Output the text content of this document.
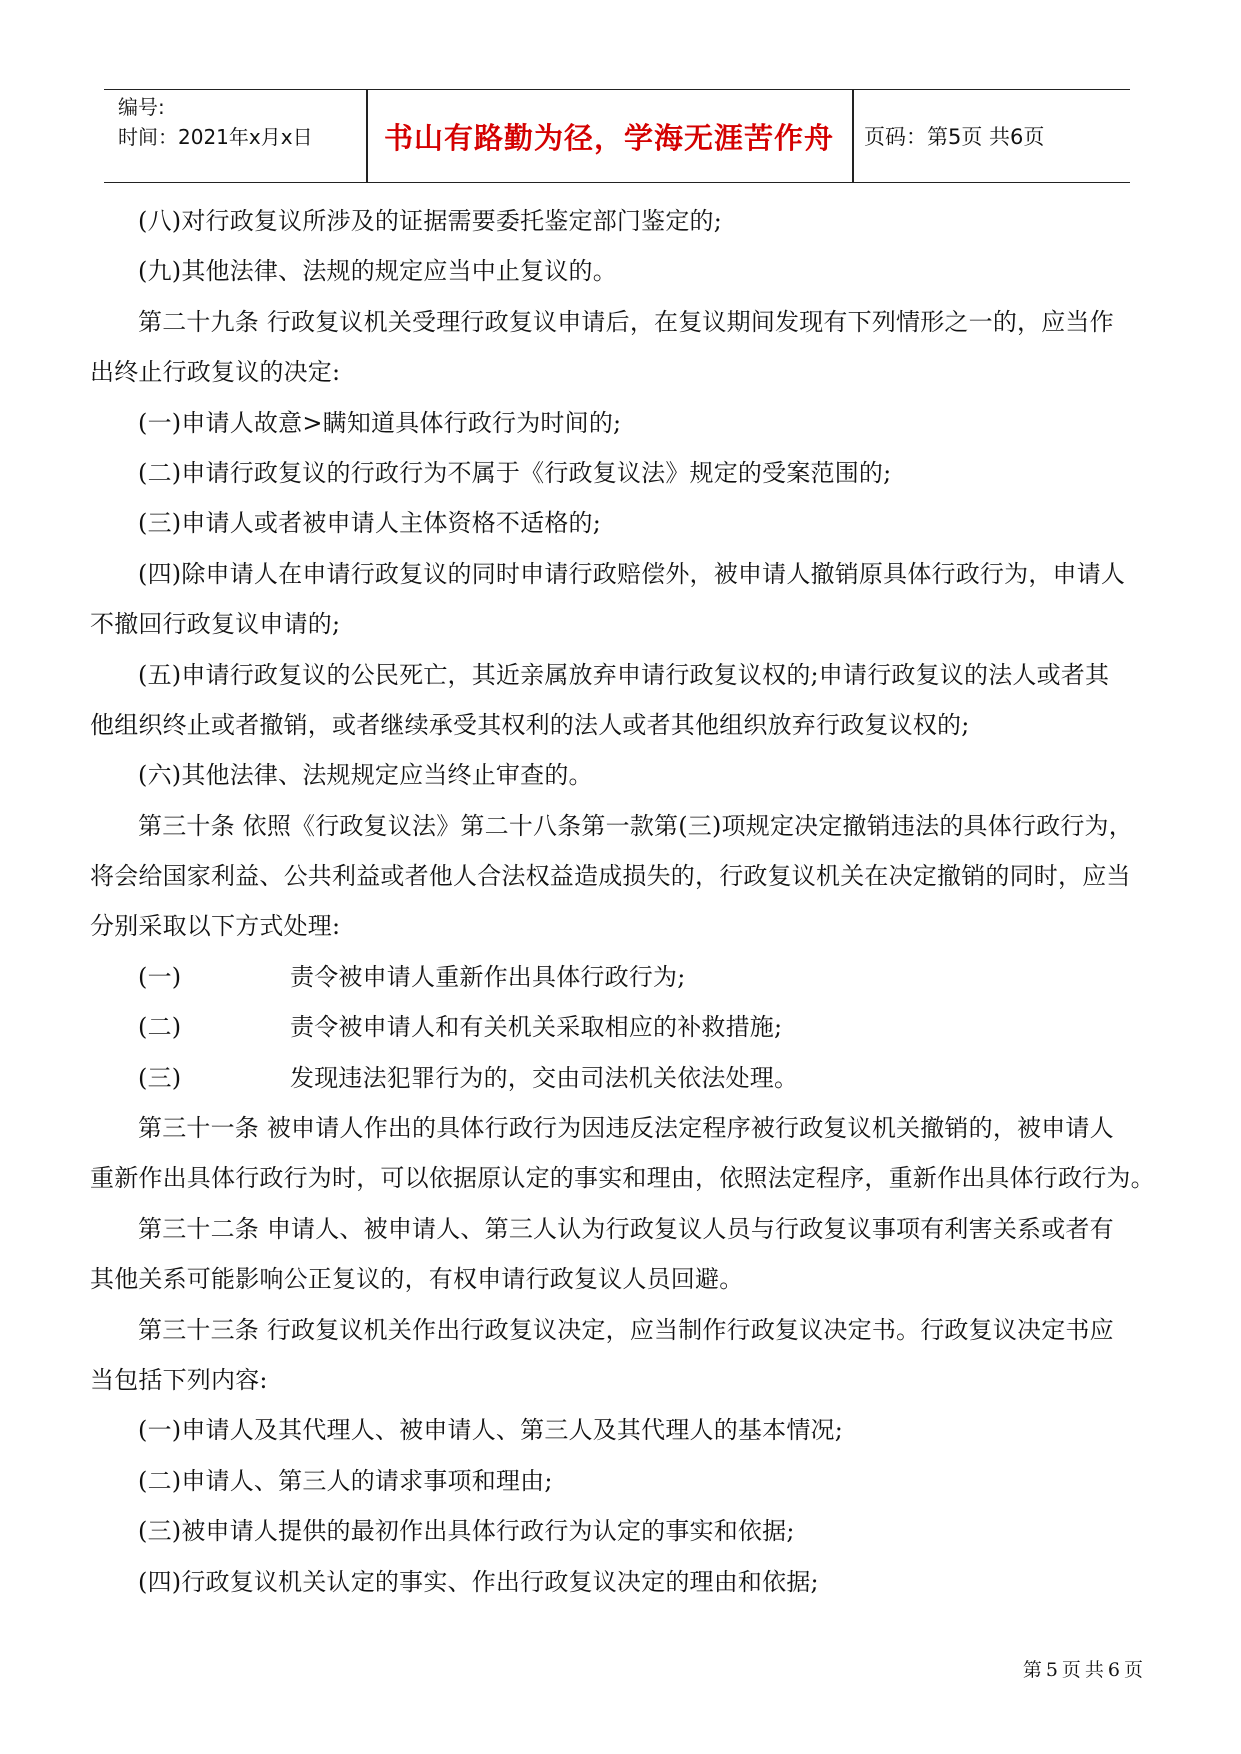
编号:
时间：2021年x月x日	书山有路勤为径，学海无涯苦作舟	页码：第5页 共6页
(八)对行政复议所涉及的证据需要委托鉴定部门鉴定的;
(九)其他法律、法规的规定应当中止复议的。
第二十九条 行政复议机关受理行政复议申请后，在复议期间发现有下列情形之一的，应当作
出终止行政复议的决定:
(一)申请人故意>瞒知道具体行政行为时间的;
(二)申请行政复议的行政行为不属于《行政复议法》规定的受案范围的;
(三)申请人或者被申请人主体资格不适格的;
(四)除申请人在申请行政复议的同时申请行政赔偿外，被申请人撤销原具体行政行为，申请人
不撤回行政复议申请的;
(五)申请行政复议的公民死亡，其近亲属放弃申请行政复议权的;申请行政复议的法人或者其
他组织终止或者撤销，或者继续承受其权利的法人或者其他组织放弃行政复议权的;
(六)其他法律、法规规定应当终止审查的。
第三十条 依照《行政复议法》第二十八条第一款第(三)项规定决定撤销违法的具体行政行为，
将会给国家利益、公共利益或者他人合法权益造成损失的，行政复议机关在决定撤销的同时，应当
分别采取以下方式处理:
(一)	责令被申请人重新作出具体行政行为;
(二)	责令被申请人和有关机关采取相应的补救措施;
(三)	发现违法犯罪行为的，交由司法机关依法处理。
第三十一条 被申请人作出的具体行政行为因违反法定程序被行政复议机关撤销的，被申请人
重新作出具体行政行为时，可以依据原认定的事实和理由，依照法定程序，重新作出具体行政行为。
第三十二条 申请人、被申请人、第三人认为行政复议人员与行政复议事项有利害关系或者有
其他关系可能影响公正复议的，有权申请行政复议人员回避。
第三十三条 行政复议机关作出行政复议决定，应当制作行政复议决定书。行政复议决定书应
当包括下列内容:
(一)申请人及其代理人、被申请人、第三人及其代理人的基本情况;
(二)申请人、第三人的请求事项和理由;
(三)被申请人提供的最初作出具体行政行为认定的事实和依据;
(四)行政复议机关认定的事实、作出行政复议决定的理由和依据;
第5页共6页
